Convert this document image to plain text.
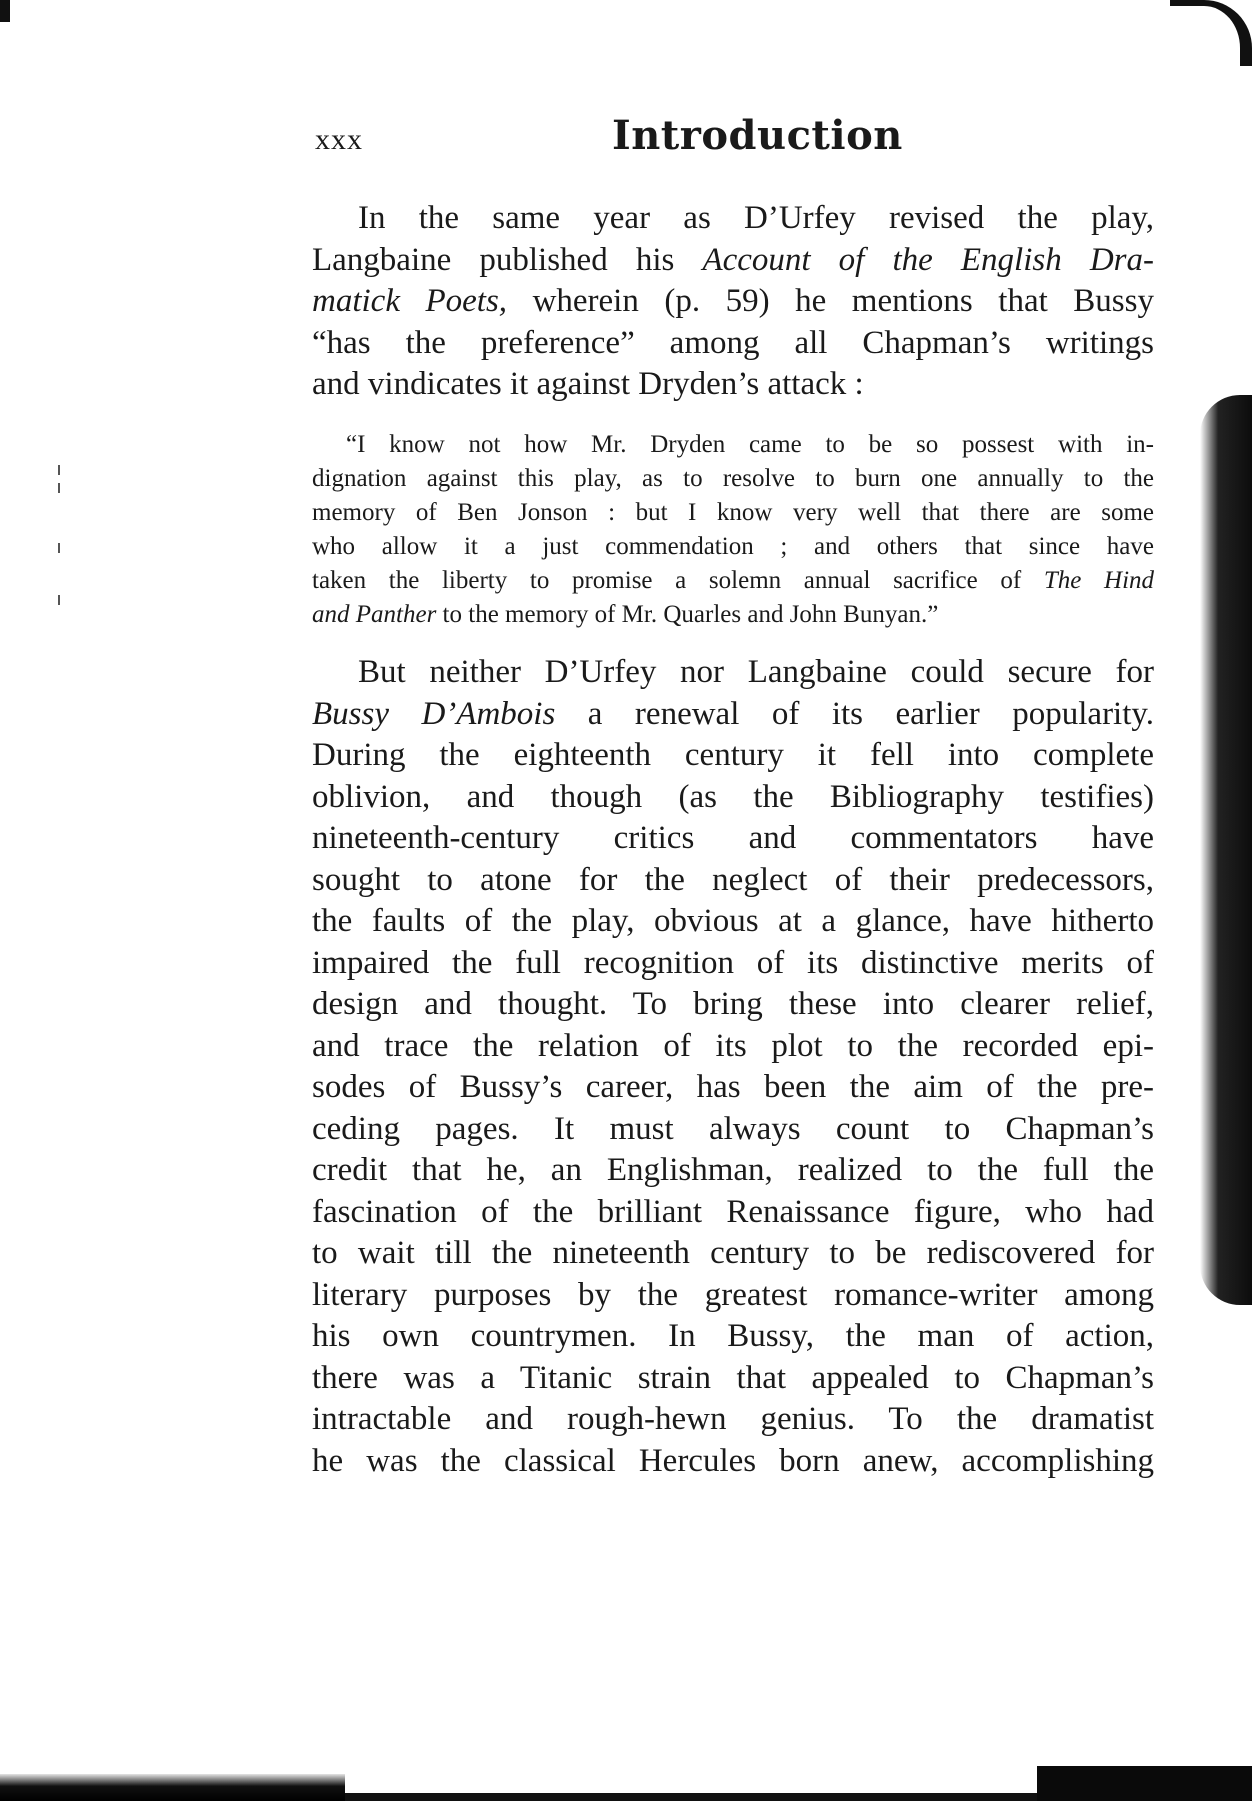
xxx	Introduction
In the same year as D’Urfey revised the play,
Langbaine published his Account of the English Dra-
matick Poets, wherein (p. 59) he mentions that Bussy
“has the preference” among all Chapman’s writings
and vindicates it against Dryden’s attack :
“I know not how Mr. Dryden came to be so possest with in-
dignation against this play, as to resolve to burn one annually to the
memory of Ben Jonson : but I know very well that there are some
who allow it a just commendation ; and others that since have
taken the liberty to promise a solemn annual sacrifice of The Hind
and Panther to the memory of Mr. Quarles and John Bunyan.”
But neither D’Urfey nor Langbaine could secure for
Bussy D’Ambois a renewal of its earlier popularity.
During the eighteenth century it fell into complete
oblivion, and though (as the Bibliography testifies)
nineteenth-century critics and commentators have
sought to atone for the neglect of their predecessors,
the faults of the play, obvious at a glance, have hitherto
impaired the full recognition of its distinctive merits of
design and thought. To bring these into clearer relief,
and trace the relation of its plot to the recorded epi-
sodes of Bussy’s career, has been the aim of the pre-
ceding pages. It must always count to Chapman’s
credit that he, an Englishman, realized to the full the
fascination of the brilliant Renaissance figure, who had
to wait till the nineteenth century to be rediscovered for
literary purposes by the greatest romance-writer among
his own countrymen. In Bussy, the man of action,
there was a Titanic strain that appealed to Chapman’s
intractable and rough-hewn genius. To the dramatist
he was the classical Hercules born anew, accomplishing
